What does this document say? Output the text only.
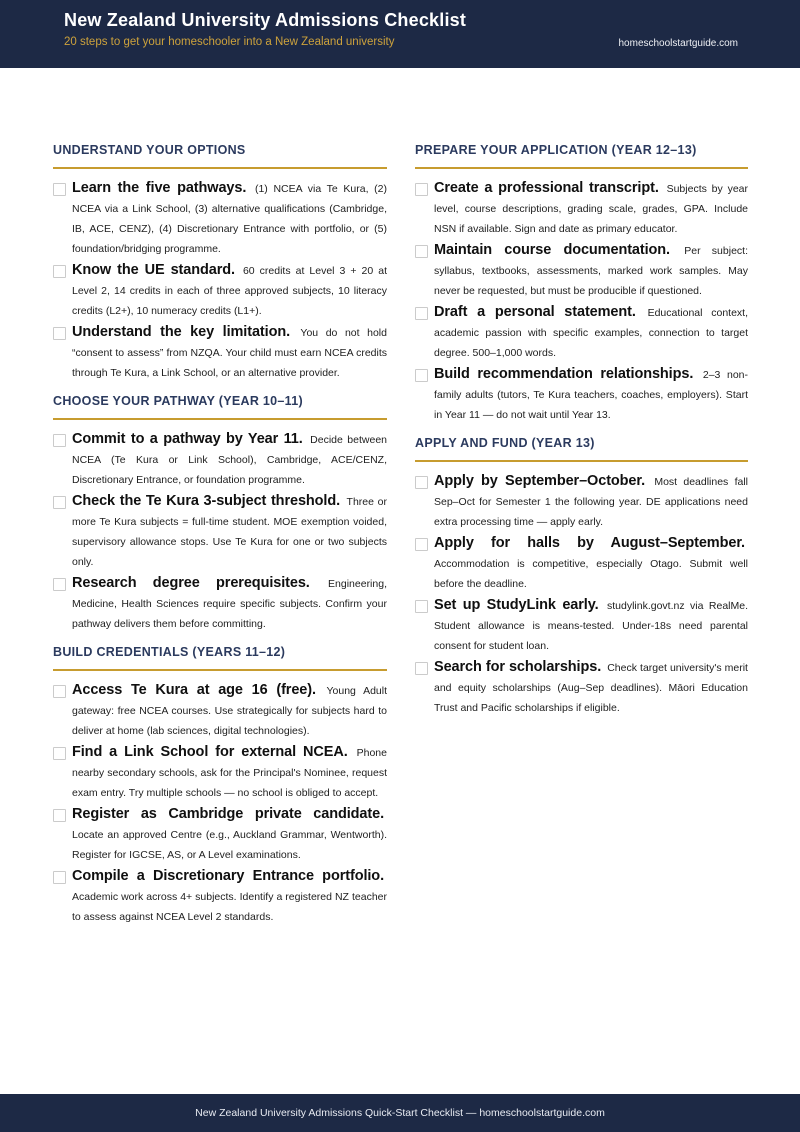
New Zealand University Admissions Checklist

20 steps to get your homeschooler into a New Zealand university	homeschoolstartguide.com
UNDERSTAND YOUR OPTIONS

Learn the five pathways. (1) NCEA via Te Kura, (2) NCEA via a Link School, (3) alternative qualifications (Cambridge, IB, ACE, CENZ), (4) Discretionary Entrance with portfolio, or (5) foundation/bridging programme.

Know the UE standard. 60 credits at Level 3 + 20 at Level 2, 14 credits in each of three approved subjects, 10 literacy credits (L2+), 10 numeracy credits (L1+).

Understand the key limitation. You do not hold “consent to assess” from NZQA. Your child must earn NCEA credits through Te Kura, a Link School, or an alternative provider.

CHOOSE YOUR PATHWAY (YEAR 10–11)

Commit to a pathway by Year 11. Decide between NCEA (Te Kura or Link School), Cambridge, ACE/CENZ, Discretionary Entrance, or foundation programme.

Check the Te Kura 3-subject threshold. Three or more Te Kura subjects = full-time student. MOE exemption voided, supervisory allowance stops. Use Te Kura for one or two subjects only.

Research degree prerequisites. Engineering, Medicine, Health Sciences require specific subjects. Confirm your pathway delivers them before committing.

BUILD CREDENTIALS (YEARS 11–12)

Access Te Kura at age 16 (free). Young Adult gateway: free NCEA courses. Use strategically for subjects hard to deliver at home (lab sciences, digital technologies).

Find a Link School for external NCEA. Phone nearby secondary schools, ask for the Principal's Nominee, request exam entry. Try multiple schools — no school is obliged to accept.

Register as Cambridge private candidate. Locate an approved Centre (e.g., Auckland Grammar, Wentworth). Register for IGCSE, AS, or A Level examinations.

Compile a Discretionary Entrance portfolio. Academic work across 4+ subjects. Identify a registered NZ teacher to assess against NCEA Level 2 standards.

PREPARE YOUR APPLICATION (YEAR 12–13)

Create a professional transcript. Subjects by year level, course descriptions, grading scale, grades, GPA. Include NSN if available. Sign and date as primary educator.

Maintain course documentation. Per subject: syllabus, textbooks, assessments, marked work samples. May never be requested, but must be producible if questioned.

Draft a personal statement. Educational context, academic passion with specific examples, connection to target degree. 500–1,000 words.

Build recommendation relationships. 2–3 non-family adults (tutors, Te Kura teachers, coaches, employers). Start in Year 11 — do not wait until Year 13.

APPLY AND FUND (YEAR 13)

Apply by September–October. Most deadlines fall Sep–Oct for Semester 1 the following year. DE applications need extra processing time — apply early.

Apply for halls by August–September. Accommodation is competitive, especially Otago. Submit well before the deadline.

Set up StudyLink early. studylink.govt.nz via RealMe. Student allowance is means-tested. Under-18s need parental consent for student loan.

Search for scholarships. Check target university's merit and equity scholarships (Aug–Sep deadlines). Māori Education Trust and Pacific scholarships if eligible.

New Zealand University Admissions Quick-Start Checklist — homeschoolstartguide.com
